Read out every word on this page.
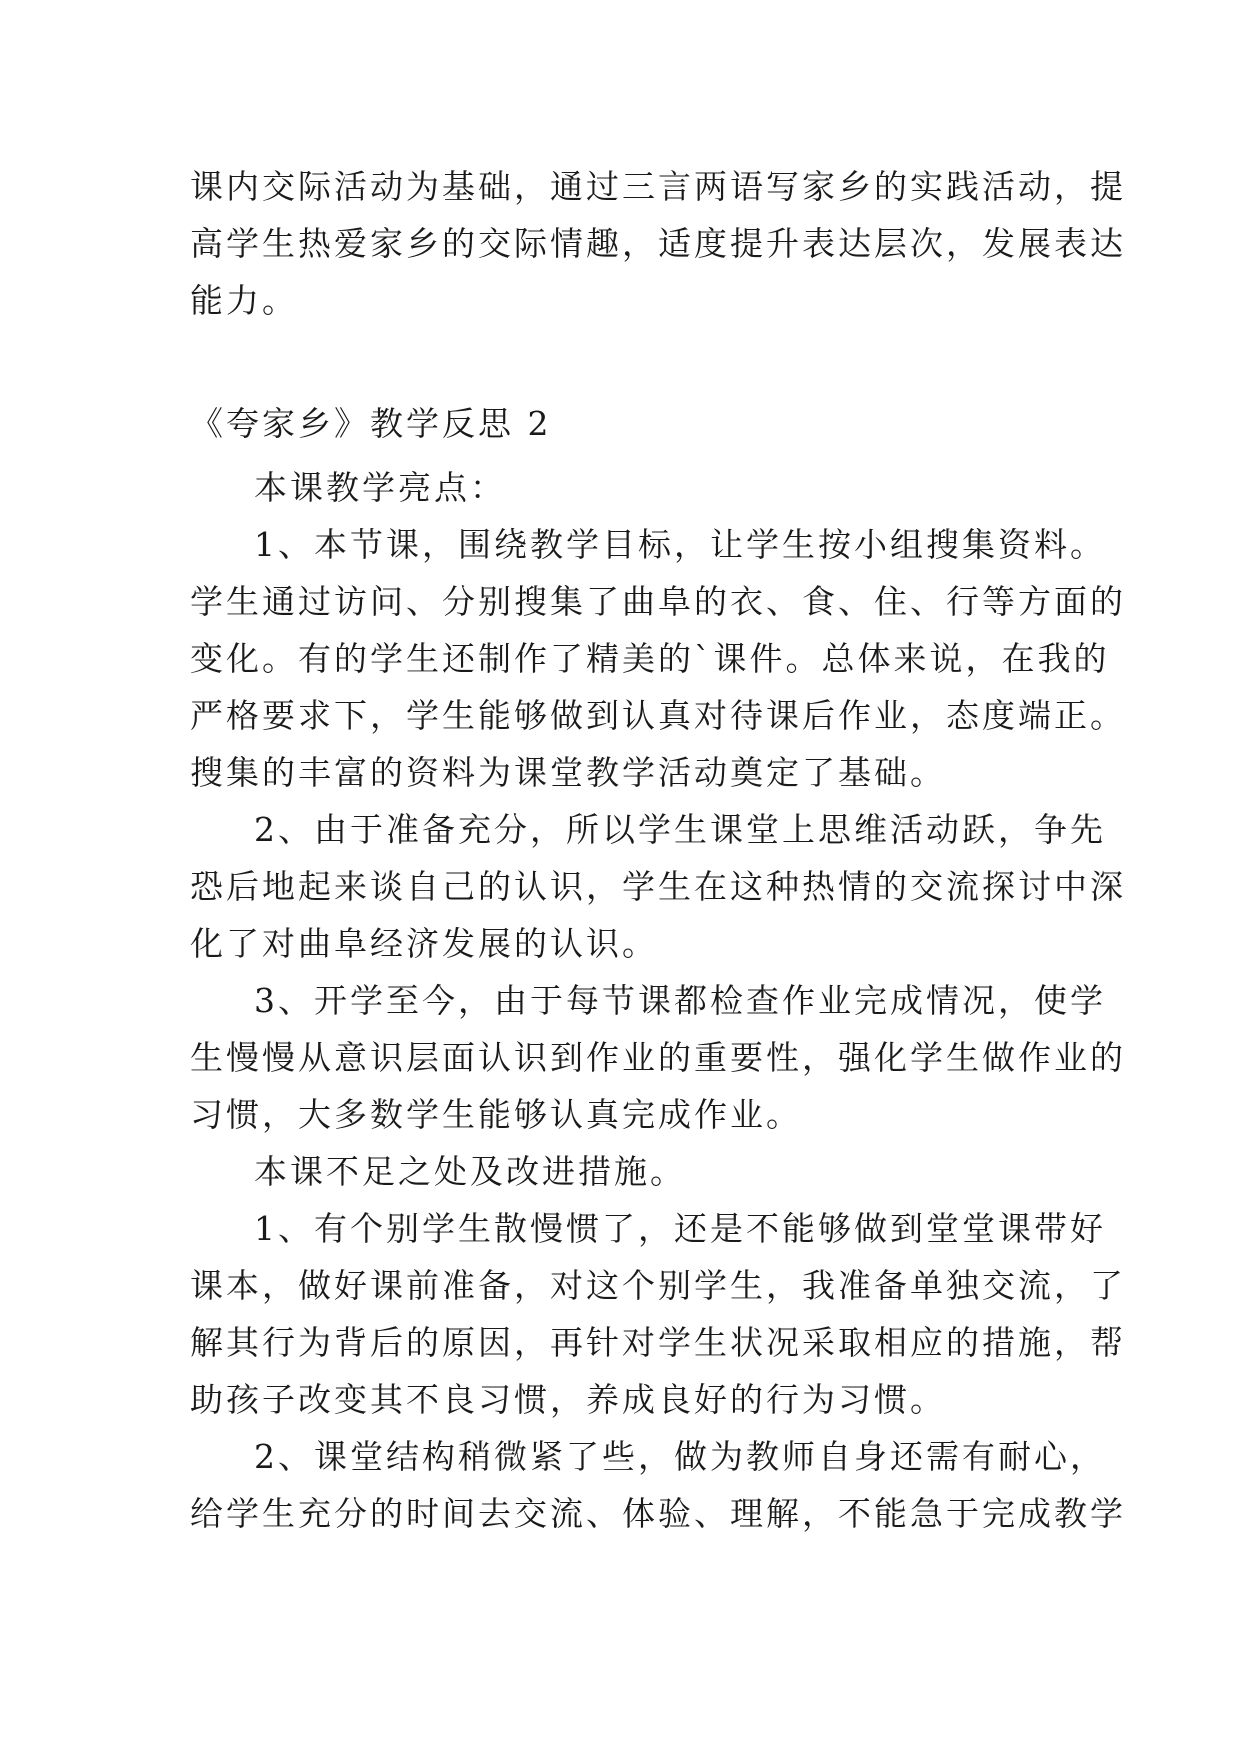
课内交际活动为基础，通过三言两语写家乡的实践活动，提
高学生热爱家乡的交际情趣，适度提升表达层次，发展表达
能力。
《夸家乡》教学反思 2
本课教学亮点：
1、本节课，围绕教学目标，让学生按小组搜集资料。
学生通过访问、分别搜集了曲阜的衣、食、住、行等方面的
变化。有的学生还制作了精美的`课件。总体来说，在我的
严格要求下，学生能够做到认真对待课后作业，态度端正。
搜集的丰富的资料为课堂教学活动奠定了基础。
2、由于准备充分，所以学生课堂上思维活动跃，争先
恐后地起来谈自己的认识，学生在这种热情的交流探讨中深
化了对曲阜经济发展的认识。
3、开学至今，由于每节课都检查作业完成情况，使学
生慢慢从意识层面认识到作业的重要性，强化学生做作业的
习惯，大多数学生能够认真完成作业。
本课不足之处及改进措施。
1、有个别学生散慢惯了，还是不能够做到堂堂课带好
课本，做好课前准备，对这个别学生，我准备单独交流，了
解其行为背后的原因，再针对学生状况采取相应的措施，帮
助孩子改变其不良习惯，养成良好的行为习惯。
2、课堂结构稍微紧了些，做为教师自身还需有耐心，
给学生充分的时间去交流、体验、理解，不能急于完成教学
